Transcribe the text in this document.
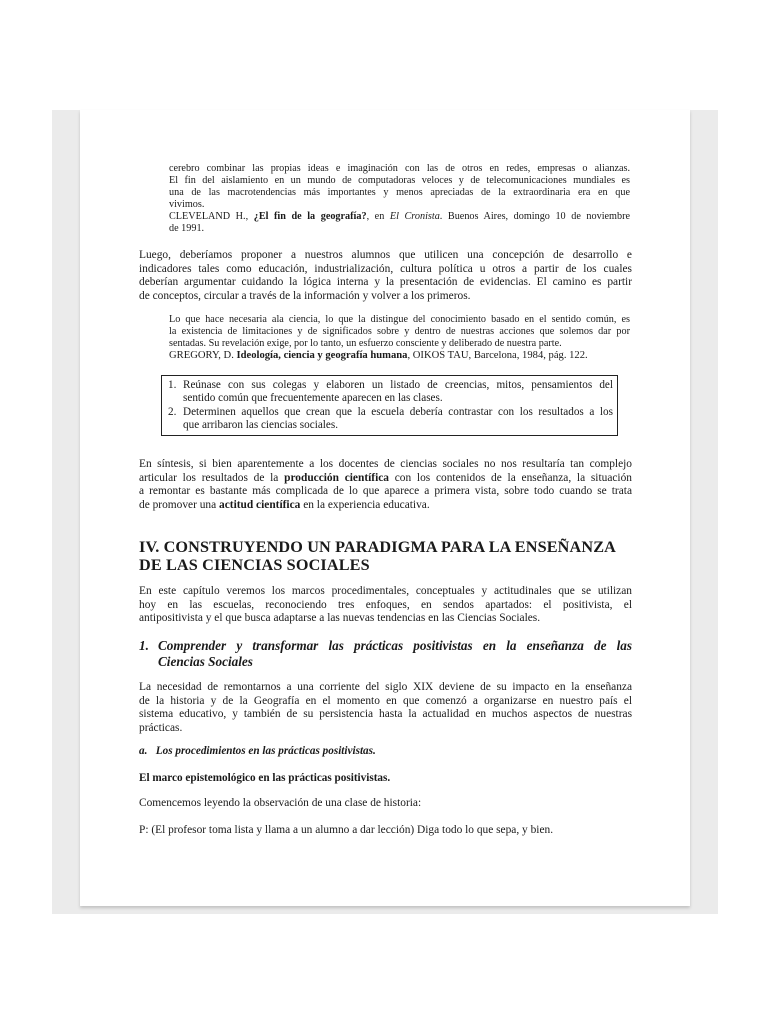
cerebro combinar las propias ideas e imaginación con las de otros en redes, empresas o alianzas.
El fin del aislamiento en un mundo de computadoras veloces y de telecomunicaciones mundiales es
una de las macrotendencias más importantes y menos apreciadas de la extraordinaria era en que
vivimos.
CLEVELAND H., ¿El fin de la geografía?, en El Cronista. Buenos Aires, domingo 10 de noviembre
de 1991.
Luego, deberíamos proponer a nuestros alumnos que utilicen una concepción de desarrollo e
indicadores tales como educación, industrialización, cultura política u otros a partir de los cuales
deberían argumentar cuidando la lógica interna y la presentación de evidencias. El camino es partir
de conceptos, circular a través de la información y volver a los primeros.
Lo que hace necesaria ala ciencia, lo que la distingue del conocimiento basado en el sentido común, es
la existencia de limitaciones y de significados sobre y dentro de nuestras acciones que solemos dar por
sentadas. Su revelación exige, por lo tanto, un esfuerzo consciente y deliberado de nuestra parte.
GREGORY, D. Ideología, ciencia y geografía humana, OIKOS TAU, Barcelona, 1984, pág. 122.
1. Reúnase con sus colegas y elaboren un listado de creencias, mitos, pensamientos del
sentido común que frecuentemente aparecen en las clases.
2. Determinen aquellos que crean que la escuela debería contrastar con los resultados a los
que arribaron las ciencias sociales.
En síntesis, si bien aparentemente a los docentes de ciencias sociales no nos resultaría tan complejo
articular los resultados de la producción científica con los contenidos de la enseñanza, la situación
a remontar es bastante más complicada de lo que aparece a primera vista, sobre todo cuando se trata
de promover una actitud científica en la experiencia educativa.
IV. CONSTRUYENDO UN PARADIGMA PARA LA ENSEÑANZA
DE LAS CIENCIAS SOCIALES
En este capítulo veremos los marcos procedimentales, conceptuales y actitudinales que se utilizan
hoy en las escuelas, reconociendo tres enfoques, en sendos apartados: el positivista, el
antipositivista y el que busca adaptarse a las nuevas tendencias en las Ciencias Sociales.
1. Comprender y transformar las prácticas positivistas en la enseñanza de las
Ciencias Sociales
La necesidad de remontarnos a una corriente del siglo XIX deviene de su impacto en la enseñanza
de la historia y de la Geografía en el momento en que comenzó a organizarse en nuestro país el
sistema educativo, y también de su persistencia hasta la actualidad en muchos aspectos de nuestras
prácticas.
a.   Los procedimientos en las prácticas positivistas.
El marco epistemológico en las prácticas positivistas.
Comencemos leyendo la observación de una clase de historia:
P: (El profesor toma lista y llama a un alumno a dar lección) Diga todo lo que sepa, y bien.
